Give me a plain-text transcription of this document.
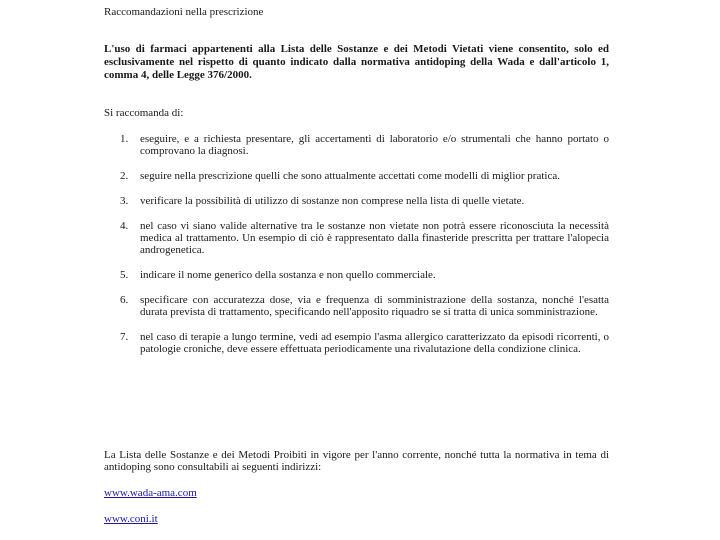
Raccomandazioni nella prescrizione
L'uso di farmaci appartenenti alla Lista delle Sostanze e dei Metodi Vietati viene consentito, solo ed esclusivamente nel rispetto di quanto indicato dalla normativa antidoping della Wada e dall'articolo 1, comma 4, delle Legge 376/2000.
Si raccomanda di:
1.	eseguire, e a richiesta presentare, gli accertamenti di laboratorio e/o strumentali che hanno portato o comprovano la diagnosi.
2.	seguire nella prescrizione quelli che sono attualmente accettati come modelli di miglior pratica.
3.	verificare la possibilità di utilizzo di sostanze non comprese nella lista di quelle vietate.
4.	nel caso vi siano valide alternative tra le sostanze non vietate non potrà essere riconosciuta la necessità medica al trattamento. Un esempio di ciò è rappresentato dalla finasteride prescritta per trattare l'alopecia androgenetica.
5.	indicare il nome generico della sostanza e non quello commerciale.
6.	specificare con accuratezza dose, via e frequenza di somministrazione della sostanza, nonché l'esatta durata prevista di trattamento, specificando nell'apposito riquadro se si tratta di unica somministrazione.
7.	nel caso di terapie a lungo termine, vedi ad esempio l'asma allergico caratterizzato da episodi ricorrenti, o patologie croniche, deve essere effettuata periodicamente una rivalutazione della condizione clinica.
La Lista delle Sostanze e dei Metodi Proibiti in vigore per l'anno corrente, nonché tutta la normativa in tema di antidoping sono consultabili ai seguenti indirizzi:
www.wada-ama.com
www.coni.it
